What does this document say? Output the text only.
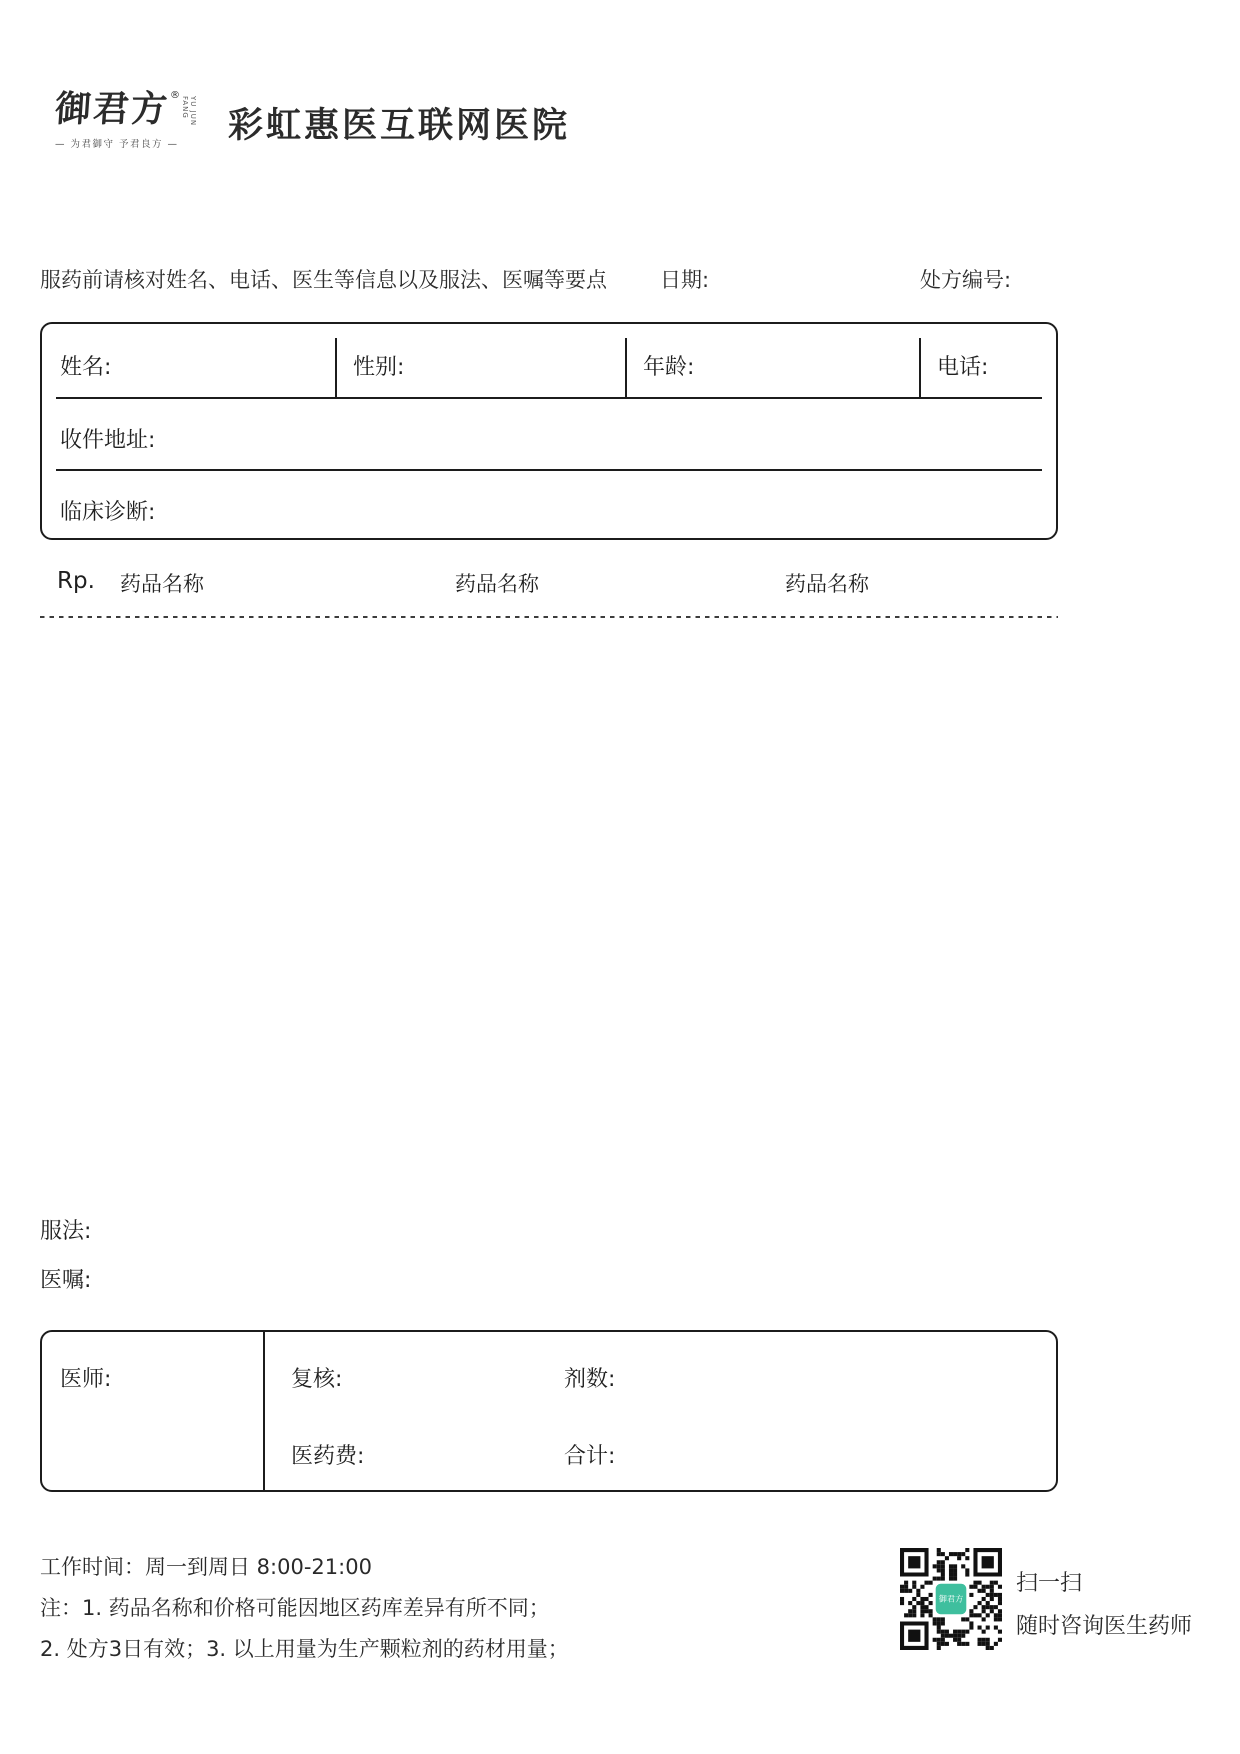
御君方 ®
YU JUN FANG
— 为君御守 予君良方 — 彩虹惠医互联网医院
服药前请核对姓名、电话、医生等信息以及服法、医嘱等要点	日期:	处方编号:
姓名:	性别:	年龄:	电话:
收件地址:
临床诊断:
Rp. 药品名称	药品名称	药品名称
服法:
医嘱:
医师:	复核:	剂数:
医药费:	合计:
工作时间：周一到周日 8:00-21:00
注：1. 药品名称和价格可能因地区药库差异有所不同；
2. 处方3日有效；3. 以上用量为生产颗粒剂的药材用量；
御君方
扫一扫
随时咨询医生药师
